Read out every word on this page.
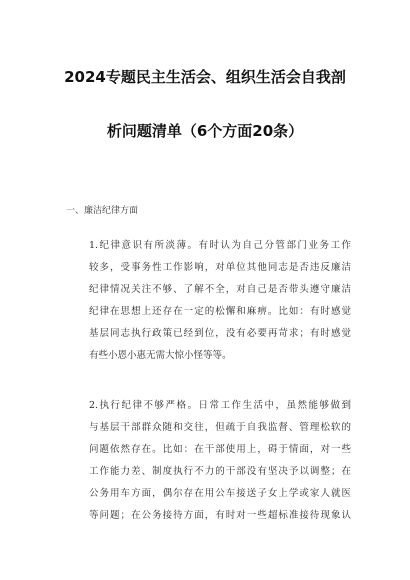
2024专题民主生活会、组织生活会自我剖
析问题清单（6个方面20条）
一、廉洁纪律方面
1.纪律意识有所淡薄。有时认为自己分管部门业务工作
较多，受事务性工作影响，对单位其他同志是否违反廉洁
纪律情况关注不够、了解不全，对自己是否带头遵守廉洁
纪律在思想上还存在一定的松懈和麻痹。比如：有时感觉
基层同志执行政策已经到位，没有必要再苛求；有时感觉
有些小恩小惠无需大惊小怪等等。
2.执行纪律不够严格。日常工作生活中，虽然能够做到
与基层干部群众随和交往，但疏于自我监督、管理松软的
问题依然存在。比如：在干部使用上，碍于情面，对一些
工作能力差、制度执行不力的干部没有坚决予以调整；在
公务用车方面，偶尔存在用公车接送子女上学或家人就医
等问题；在公务接待方面，有时对一些超标准接待现象认
